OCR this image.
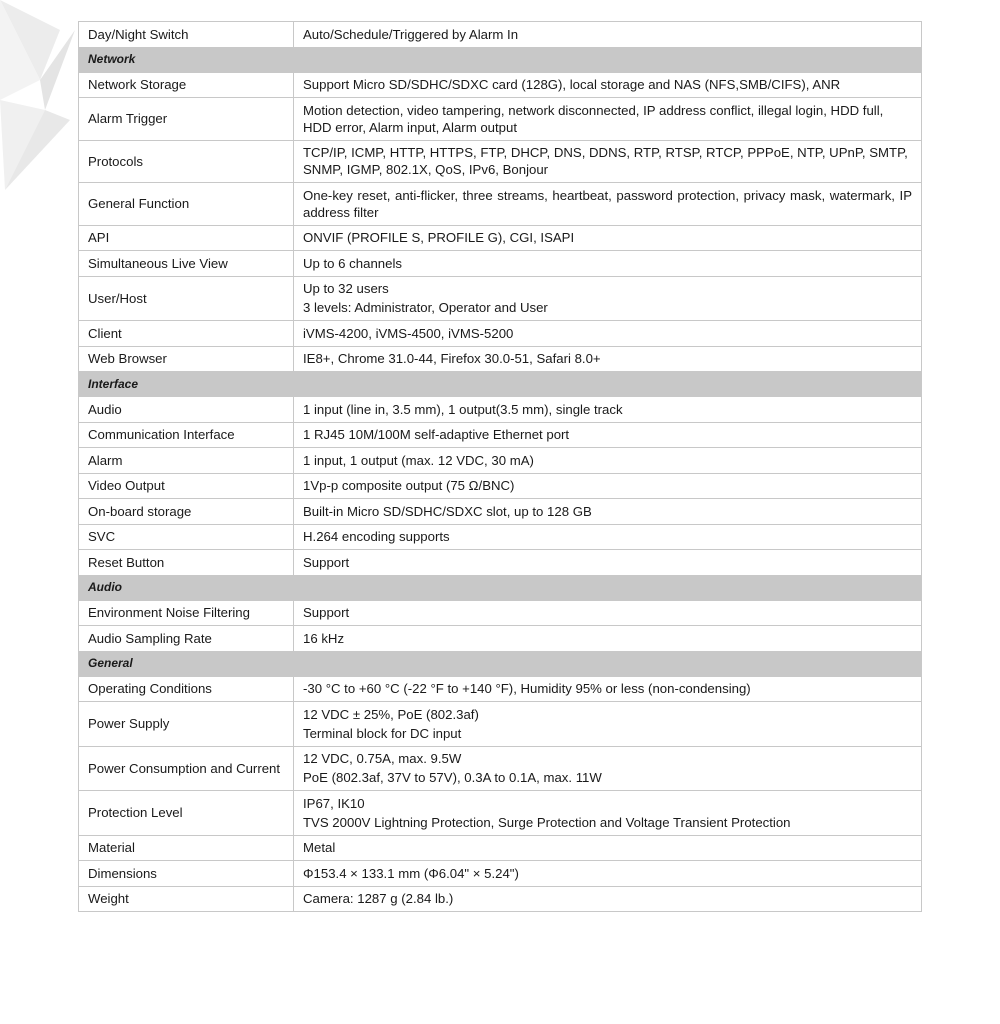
Day/Night Switch	Auto/Schedule/Triggered by Alarm In

Network	
Network Storage	Support Micro SD/SDHC/SDXC card (128G), local storage and NAS (NFS,SMB/CIFS), ANR

Alarm Trigger	Motion detection, video tampering, network disconnected, IP address conflict, illegal login, HDD full, HDD error, Alarm input, Alarm output

Protocols	TCP/IP, ICMP, HTTP, HTTPS, FTP, DHCP, DNS, DDNS, RTP, RTSP, RTCP, PPPoE, NTP, UPnP, SMTP, SNMP, IGMP, 802.1X, QoS, IPv6, Bonjour

General Function	One-key reset, anti-flicker, three streams, heartbeat, password protection, privacy mask, watermark, IP address filter

API	ONVIF (PROFILE S, PROFILE G), CGI, ISAPI

Simultaneous Live View	Up to 6 channels

User/Host	Up to 32 users
3 levels: Administrator, Operator and User

Client	iVMS-4200, iVMS-4500, iVMS-5200

Web Browser	IE8+, Chrome 31.0-44, Firefox 30.0-51, Safari 8.0+

Interface	
Audio	1 input (line in, 3.5 mm), 1 output(3.5 mm), single track

Communication Interface	1 RJ45 10M/100M self-adaptive Ethernet port

Alarm	1 input, 1 output (max. 12 VDC, 30 mA)

Video Output	1Vp-p composite output (75 Ω/BNC)

On-board storage	Built-in Micro SD/SDHC/SDXC slot, up to 128 GB

SVC	H.264 encoding supports

Reset Button	Support

Audio	
Environment Noise Filtering	Support

Audio Sampling Rate	16 kHz

General	
Operating Conditions	-30 °C to +60 °C (-22 °F to +140 °F), Humidity 95% or less (non-condensing)

Power Supply	12 VDC ± 25%, PoE (802.3af)
Terminal block for DC input

Power Consumption and Current	12 VDC, 0.75A, max. 9.5W
PoE (802.3af, 37V to 57V), 0.3A to 0.1A, max. 11W

Protection Level	IP67, IK10
TVS 2000V Lightning Protection, Surge Protection and Voltage Transient Protection

Material	Metal

Dimensions	Φ153.4 × 133.1 mm (Φ6.04" × 5.24")

Weight	Camera: 1287 g (2.84 lb.)
